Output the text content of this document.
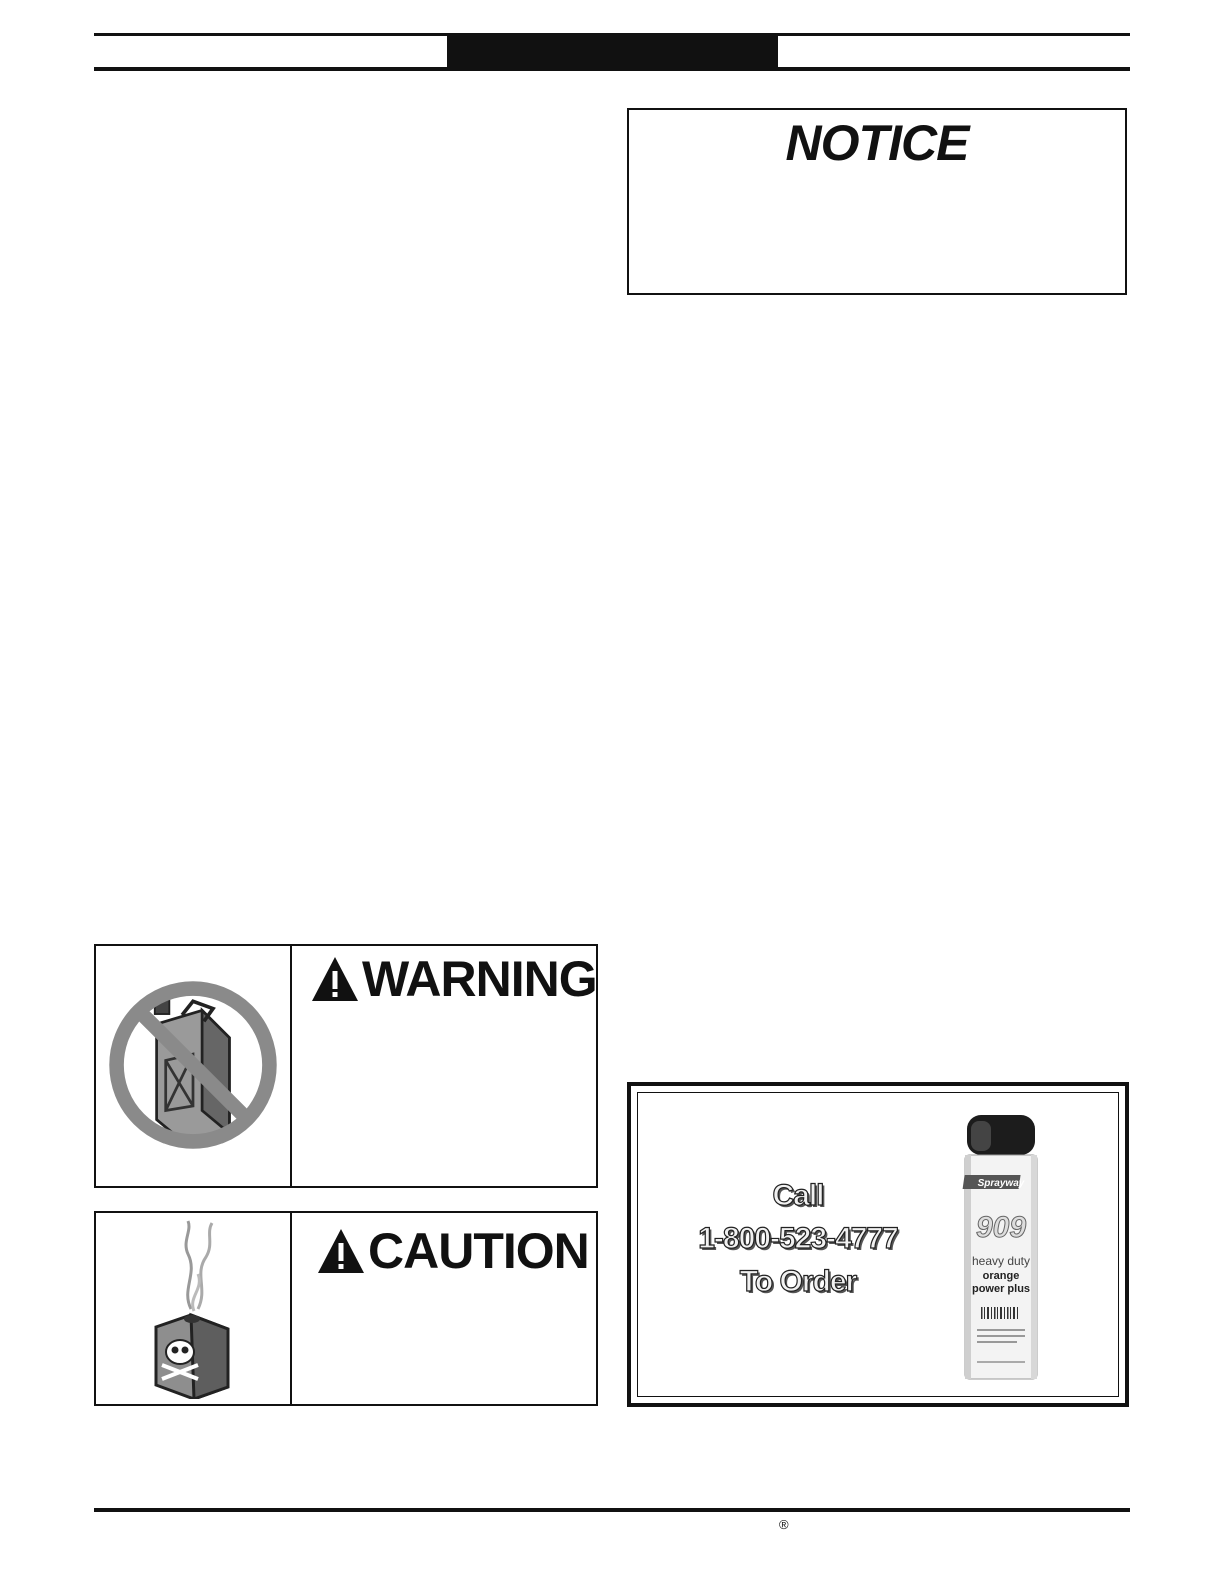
NOTICE
WARNING
CAUTION
Call
1-800-523-4777
To Order
Sprayway
909
heavy duty
orange
power plus
®
